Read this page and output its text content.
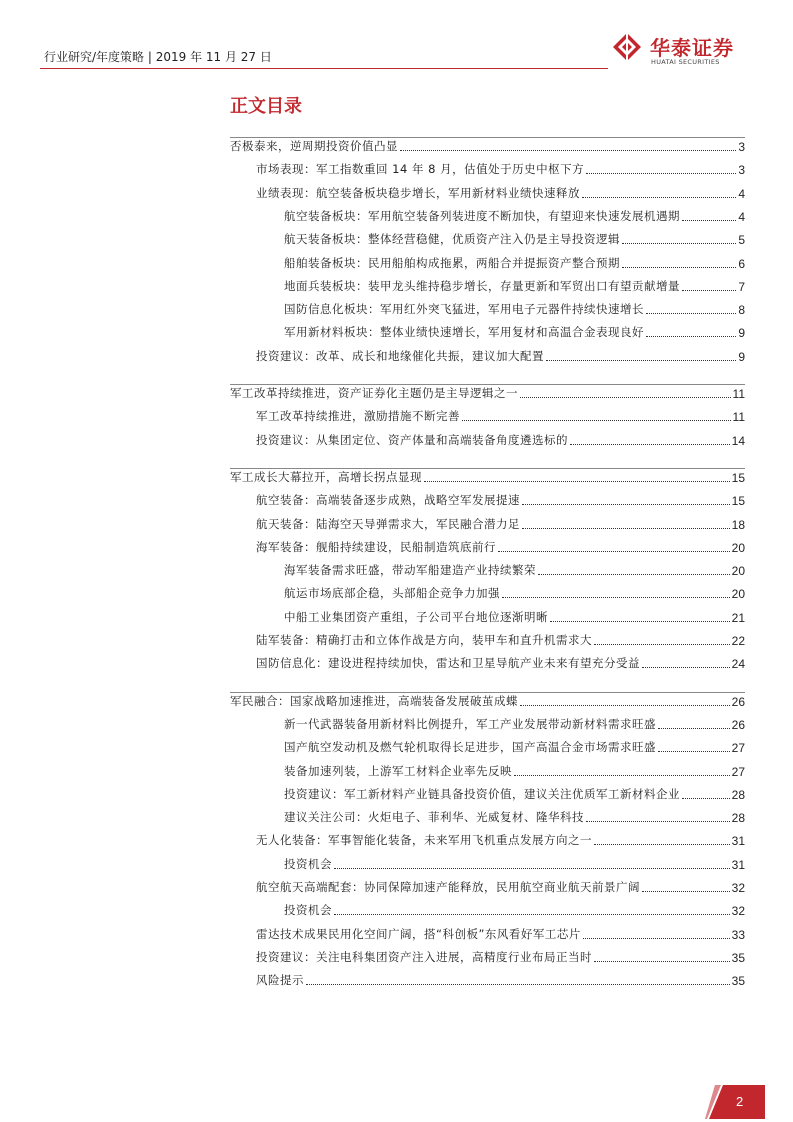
行业研究/年度策略 | 2019 年 11 月 27 日	华泰证券
HUATAI SECURITIES
正文目录
否极泰来，逆周期投资价值凸显	3
市场表现：军工指数重回 14 年 8 月，估值处于历史中枢下方	3
业绩表现：航空装备板块稳步增长，军用新材料业绩快速释放	4
航空装备板块：军用航空装备列装进度不断加快，有望迎来快速发展机遇期	4
航天装备板块：整体经营稳健，优质资产注入仍是主导投资逻辑	5
船舶装备板块：民用船舶构成拖累，两船合并提振资产整合预期	6
地面兵装板块：装甲龙头维持稳步增长，存量更新和军贸出口有望贡献增量	7
国防信息化板块：军用红外突飞猛进，军用电子元器件持续快速增长	8
军用新材料板块：整体业绩快速增长，军用复材和高温合金表现良好	9
投资建议：改革、成长和地缘催化共振，建议加大配置	9
军工改革持续推进，资产证券化主题仍是主导逻辑之一	11
军工改革持续推进，激励措施不断完善	11
投资建议：从集团定位、资产体量和高端装备角度遴选标的	14
军工成长大幕拉开，高增长拐点显现	15
航空装备：高端装备逐步成熟，战略空军发展提速	15
航天装备：陆海空天导弹需求大，军民融合潜力足	18
海军装备：舰船持续建设，民船制造筑底前行	20
海军装备需求旺盛，带动军船建造产业持续繁荣	20
航运市场底部企稳，头部船企竞争力加强	20
中船工业集团资产重组，子公司平台地位逐渐明晰	21
陆军装备：精确打击和立体作战是方向，装甲车和直升机需求大	22
国防信息化：建设进程持续加快，雷达和卫星导航产业未来有望充分受益	24
军民融合：国家战略加速推进，高端装备发展破茧成蝶	26
新一代武器装备用新材料比例提升，军工产业发展带动新材料需求旺盛	26
国产航空发动机及燃气轮机取得长足进步，国产高温合金市场需求旺盛	27
装备加速列装，上游军工材料企业率先反映	27
投资建议：军工新材料产业链具备投资价值，建议关注优质军工新材料企业	28
建议关注公司：火炬电子、菲利华、光威复材、隆华科技	28
无人化装备：军事智能化装备，未来军用飞机重点发展方向之一	31
投资机会	31
航空航天高端配套：协同保障加速产能释放，民用航空商业航天前景广阔	32
投资机会	32
雷达技术成果民用化空间广阔，搭“科创板”东风看好军工芯片	33
投资建议：关注电科集团资产注入进展，高精度行业布局正当时	35
风险提示	35
2
